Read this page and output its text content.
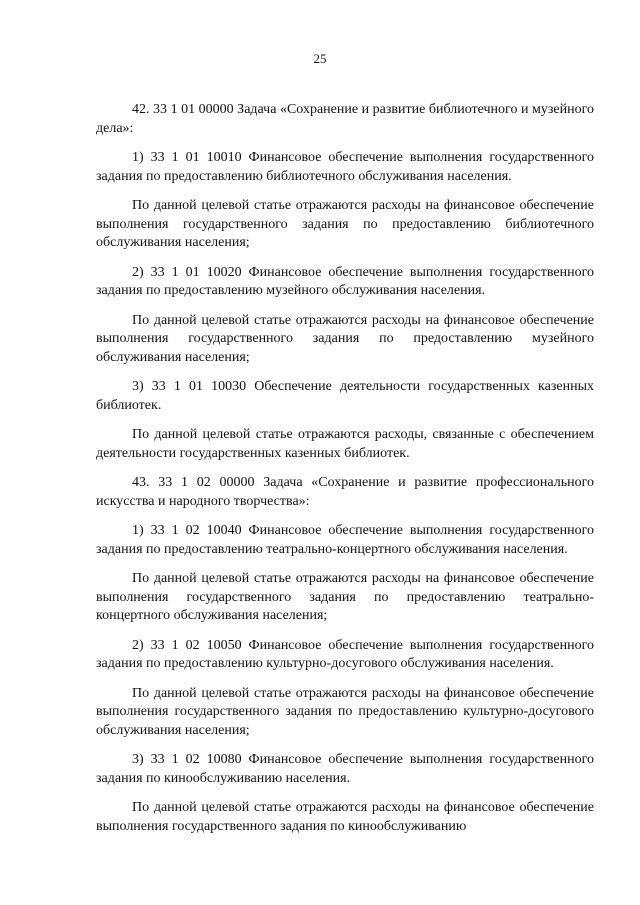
25

42. 33 1 01 00000 Задача «Сохранение и развитие библиотечного и музейного дела»:

1) 33 1 01 10010 Финансовое обеспечение выполнения государственного задания по предоставлению библиотечного обслуживания населения.

По данной целевой статье отражаются расходы на финансовое обеспечение выполнения государственного задания по предоставлению библиотечного обслуживания населения;

2) 33 1 01 10020 Финансовое обеспечение выполнения государственного задания по предоставлению музейного обслуживания населения.

По данной целевой статье отражаются расходы на финансовое обеспечение выполнения государственного задания по предоставлению музейного обслуживания населения;

3) 33 1 01 10030 Обеспечение деятельности государственных казенных библиотек.

По данной целевой статье отражаются расходы, связанные с обеспечением деятельности государственных казенных библиотек.

43. 33 1 02 00000 Задача «Сохранение и развитие профессионального искусства и народного творчества»:

1) 33 1 02 10040 Финансовое обеспечение выполнения государственного задания по предоставлению театрально-концертного обслуживания населения.

По данной целевой статье отражаются расходы на финансовое обеспечение выполнения государственного задания по предоставлению театрально-концертного обслуживания населения;

2) 33 1 02 10050 Финансовое обеспечение выполнения государственного задания по предоставлению культурно-досугового обслуживания населения.

По данной целевой статье отражаются расходы на финансовое обеспечение выполнения государственного задания по предоставлению культурно-досугового обслуживания населения;

3) 33 1 02 10080 Финансовое обеспечение выполнения государственного задания по кинообслуживанию населения.

По данной целевой статье отражаются расходы на финансовое обеспечение выполнения государственного задания по кинообслуживанию
